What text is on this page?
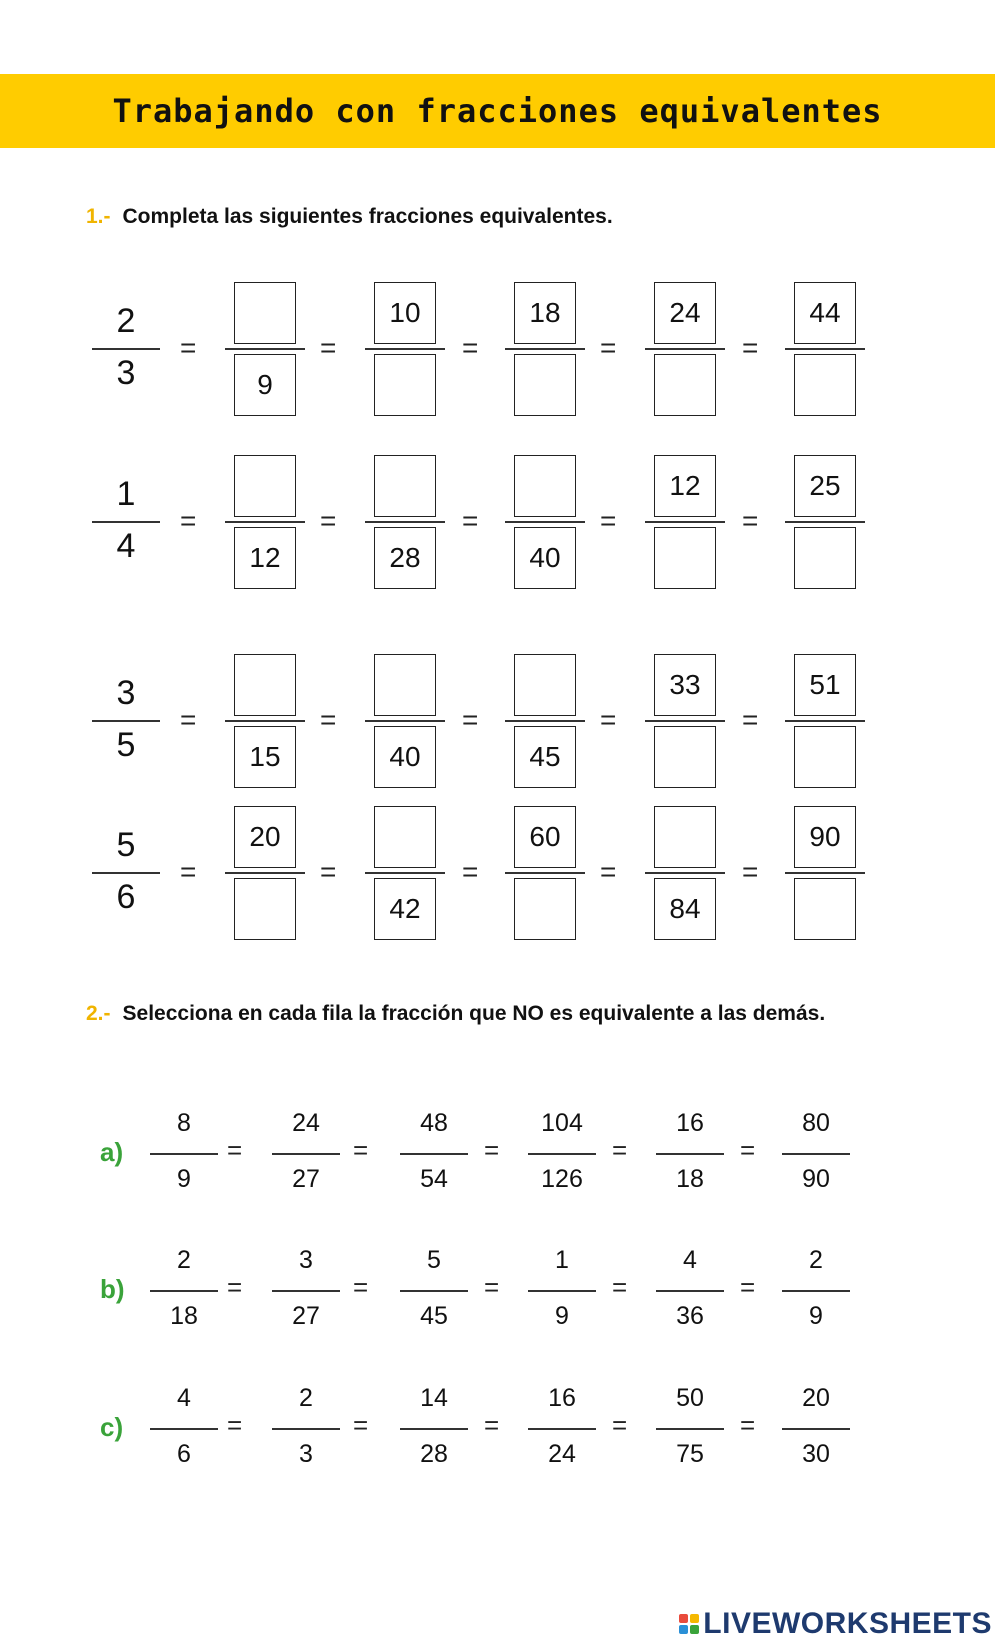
Trabajando con fracciones equivalentes
1.- Completa las siguientes fracciones equivalentes.
2
3
=
9
=
10
=
18
=
24
=
44
1
4
=
12
=
28
=
40
=
12
=
25
3
5
=
15
=
40
=
45
=
33
=
51
5
6
=
20
=
42
=
60
=
84
=
90
2.- Selecciona en cada fila la fracción que NO es equivalente a las demás.
a)
8
9
=
24
27
=
48
54
=
104
126
=
16
18
=
80
90
b)
2
18
=
3
27
=
5
45
=
1
9
=
4
36
=
2
9
c)
4
6
=
2
3
=
14
28
=
16
24
=
50
75
=
20
30
LIVEWORKSHEETS
